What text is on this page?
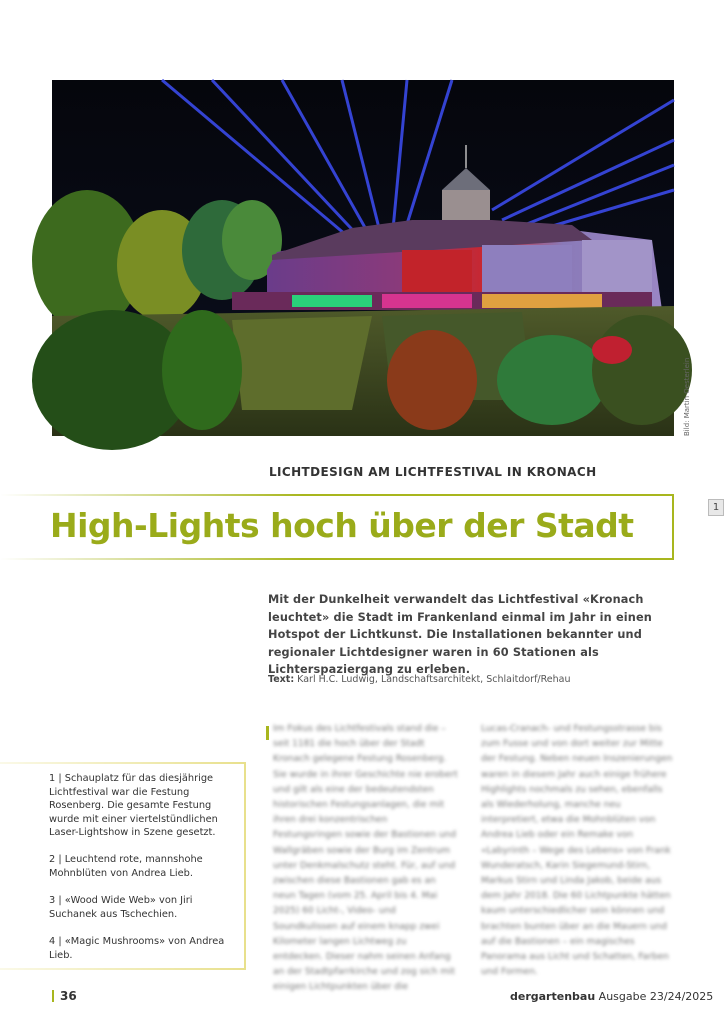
1
Bild: Martin Oesterlein
LICHTDESIGN AM LICHTFESTIVAL IN KRONACH
High-Lights hoch über der Stadt
Mit der Dunkelheit verwandelt das Lichtfestival «Kronach leuchtet» die Stadt im Frankenland einmal im Jahr in einen Hotspot der Lichtkunst. Die Installationen bekannter und regionaler Lichtdesigner waren in 60 Stationen als Lichterspaziergang zu erleben.
Text: Karl H.C. Ludwig, Landschaftsarchitekt, Schlaitdorf/Rehau
1 | Schauplatz für das diesjährige Lichtfestival war die Festung Rosenberg. Die gesamte Festung wurde mit einer viertelstündlichen Laser-Lightshow in Szene gesetzt.
2 | Leuchtend rote, mannshohe Mohnblüten von Andrea Lieb.
3 | «Wood Wide Web» von Jiri Suchanek aus Tschechien.
4 | «Magic Mushrooms» von Andrea Lieb.

Im Fokus des Lichtfestivals stand die – seit 1181 die hoch über der Stadt Kronach gelegene Festung Rosenberg. Sie wurde in ihrer Geschichte nie erobert und gilt als eine der bedeutendsten historischen Festungsanlagen, die mit ihren drei konzentrischen Festungsringen sowie der Bastionen und Wallgräben sowie der Burg im Zentrum unter Denkmalschutz steht. Für, auf und zwischen diese Bastionen gab es an neun Tagen (vom 25. April bis 4. Mai 2025) 60 Licht-, Video- und Soundkulissen auf einem knapp zwei Kilometer langen Lichtweg zu entdecken. Dieser nahm seinen Anfang an der Stadtpfarrkirche und zog sich mit einigen Lichtpunkten über die

Lucas-Cranach- und Festungsstrasse bis zum Fusse und von dort weiter zur Mitte der Festung. Neben neuen Inszenierungen waren in diesem Jahr auch einige frühere Highlights nochmals zu sehen, ebenfalls als Wiederholung, manche neu interpretiert, etwa die Mohnblüten von Andrea Lieb oder ein Remake von «Labyrinth – Wege des Lebens» von Frank Wunderatsch, Karin Siegemund-Stirn, Markus Stirn und Linda Jakob, beide aus dem Jahr 2018. Die 60 Lichtpunkte hätten kaum unterschiedlicher sein können und brachten bunten über an die Mauern und auf die Bastionen – ein magisches Panorama aus Licht und Schatten, Farben und Formen.

36	dergartenbau Ausgabe 23/24/2025
